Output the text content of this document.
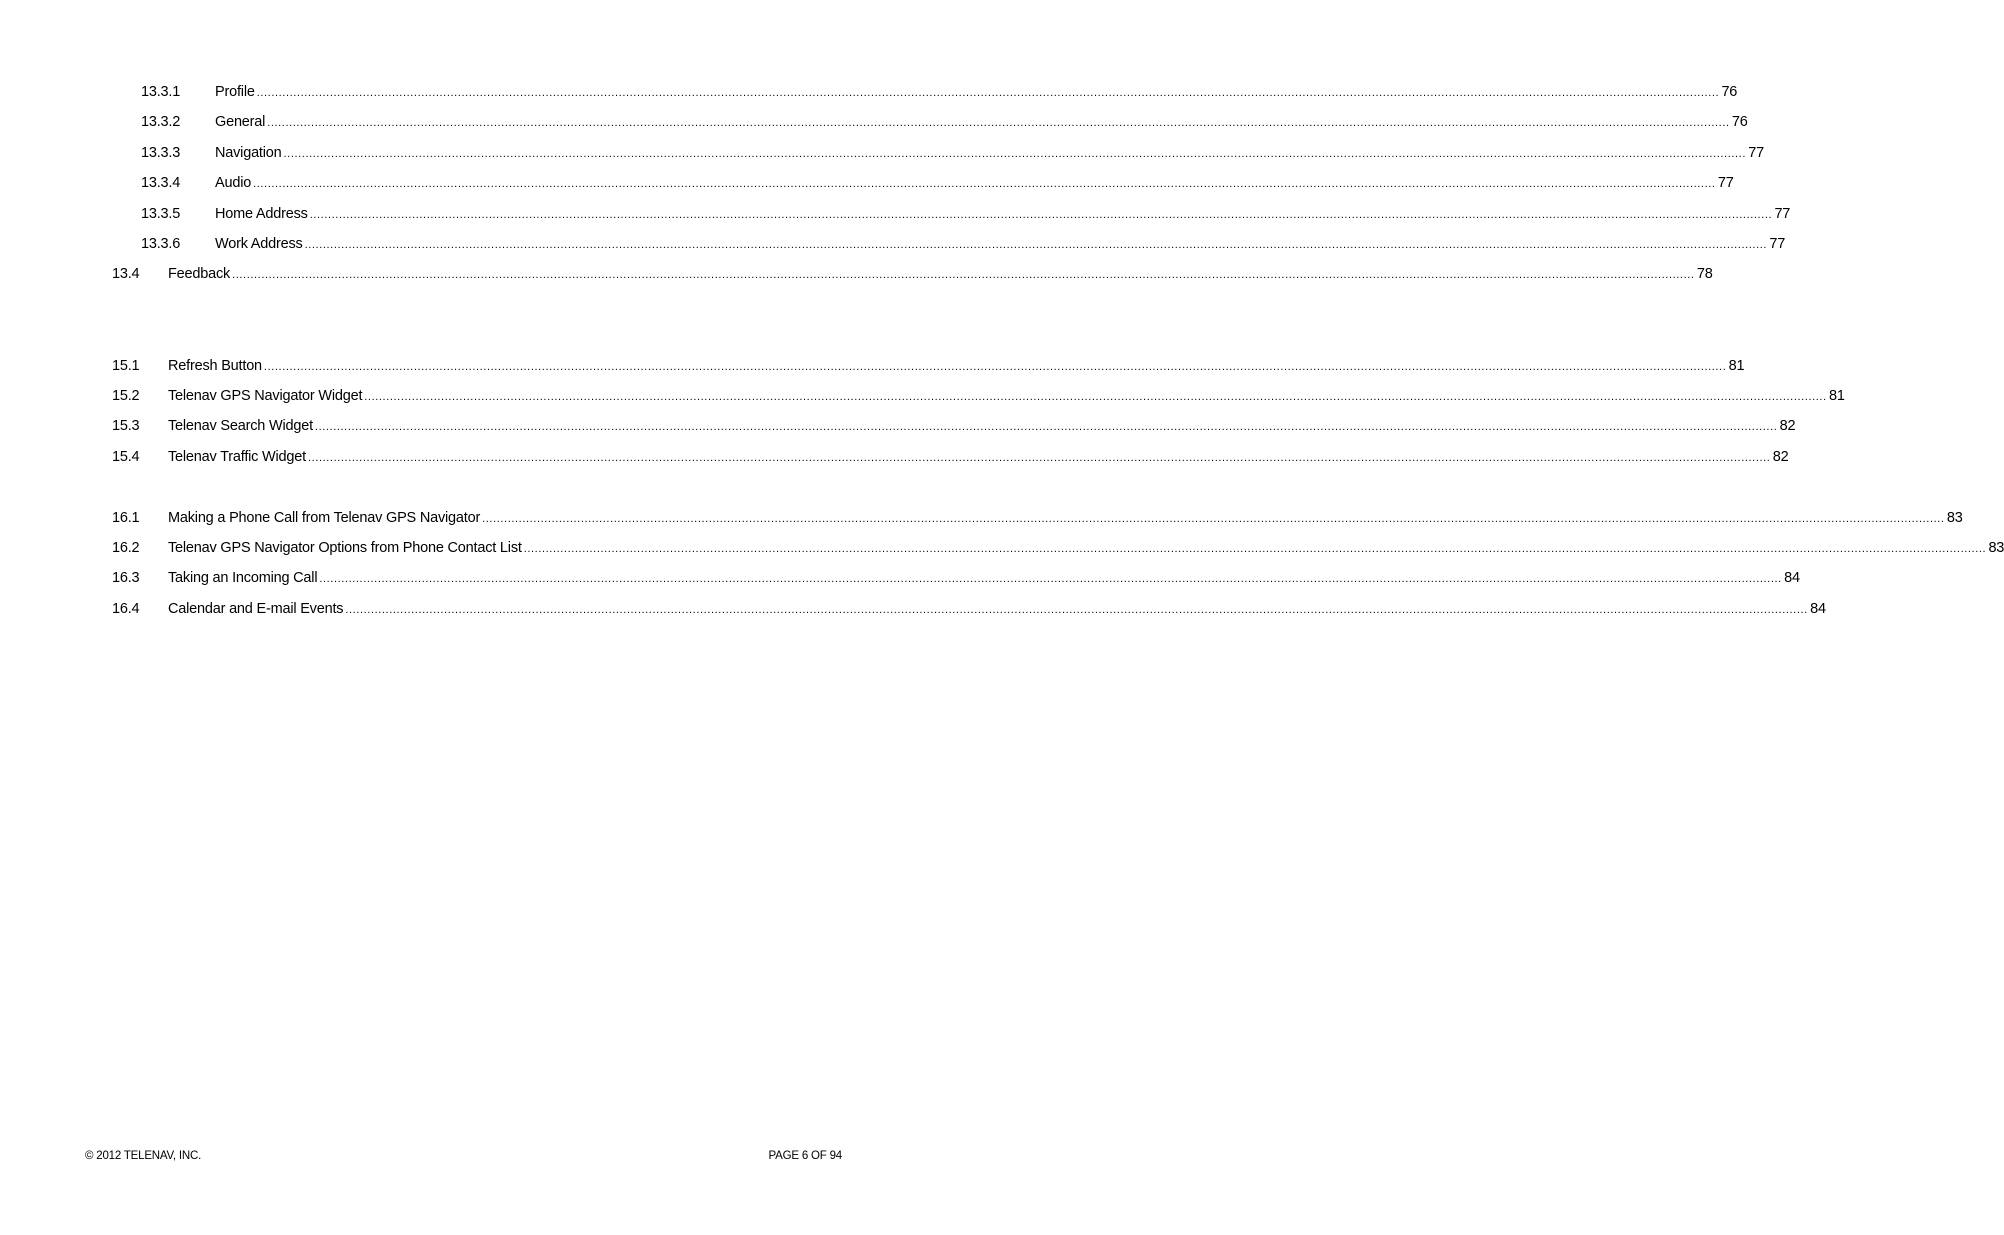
13.3.1 Profile ................................................................................................................................................................................................................................................................................................................................................................................................................ 76
13.3.2 General ................................................................................................................................................................................................................................................................................................................................................................................................................ 76
13.3.3 Navigation ................................................................................................................................................................................................................................................................................................................................................................................................................ 77
13.3.4 Audio ................................................................................................................................................................................................................................................................................................................................................................................................................ 77
13.3.5 Home Address ................................................................................................................................................................................................................................................................................................................................................................................................................ 77
13.3.6 Work Address ................................................................................................................................................................................................................................................................................................................................................................................................................ 77
13.4 Feedback ................................................................................................................................................................................................................................................................................................................................................................................................................ 78
15.1 Refresh Button ................................................................................................................................................................................................................................................................................................................................................................................................................ 81
15.2 Telenav GPS Navigator Widget ................................................................................................................................................................................................................................................................................................................................................................................................................ 81
15.3 Telenav Search Widget ................................................................................................................................................................................................................................................................................................................................................................................................................ 82
15.4 Telenav Traffic Widget ................................................................................................................................................................................................................................................................................................................................................................................................................ 82
16.1 Making a Phone Call from Telenav GPS Navigator ................................................................................................................................................................................................................................................................................................................................................................................................................ 83
16.2 Telenav GPS Navigator Options from Phone Contact List ................................................................................................................................................................................................................................................................................................................................................................................................................ 83
16.3 Taking an Incoming Call ................................................................................................................................................................................................................................................................................................................................................................................................................ 84
16.4 Calendar and E-mail Events ................................................................................................................................................................................................................................................................................................................................................................................................................ 84
© 2012 TELENAV, INC.	PAGE 6 OF 94
